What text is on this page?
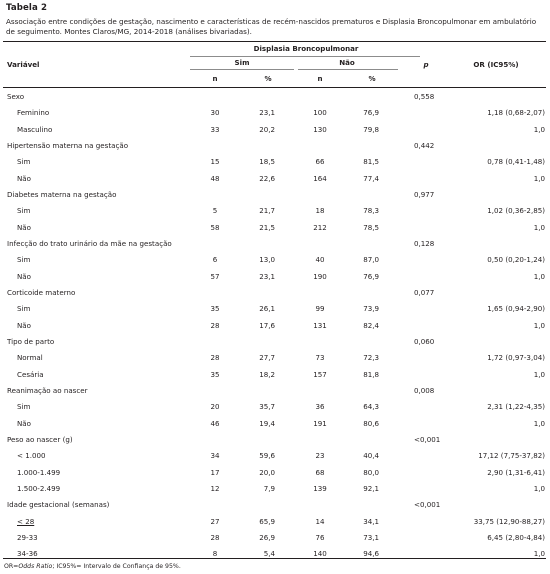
Tabela 2
Associação entre condições de gestação, nascimento e características de recém-nascidos prematuros e Displasia Broncopulmonar em ambulatório de seguimento. Montes Claros/MG, 2014-2018 (análises bivariadas).
Displasia Broncopulmonar
Variável	Sim	Não	p	OR (IC95%)
n	%	n	%
Sexo	0,558
Feminino	30	23,1	100	76,9	1,18 (0,68-2,07)
Masculino	33	20,2	130	79,8	1,0
Hipertensão materna na gestação	0,442
Sim	15	18,5	66	81,5	0,78 (0,41-1,48)
Não	48	22,6	164	77,4	1,0
Diabetes materna na gestação	0,977
Sim	5	21,7	18	78,3	1,02 (0,36-2,85)
Não	58	21,5	212	78,5	1,0
Infecção do trato urinário da mãe na gestação	0,128
Sim	6	13,0	40	87,0	0,50 (0,20-1,24)
Não	57	23,1	190	76,9	1,0
Corticoide materno	0,077
Sim	35	26,1	99	73,9	1,65 (0,94-2,90)
Não	28	17,6	131	82,4	1,0
Tipo de parto	0,060
Normal	28	27,7	73	72,3	1,72 (0,97-3,04)
Cesária	35	18,2	157	81,8	1,0
Reanimação ao nascer	0,008
Sim	20	35,7	36	64,3	2,31 (1,22-4,35)
Não	46	19,4	191	80,6	1,0
Peso ao nascer (g)	<0,001
< 1.000	34	59,6	23	40,4	17,12 (7,75-37,82)
1.000-1.499	17	20,0	68	80,0	2,90 (1,31-6,41)
1.500-2.499	12	7,9	139	92,1	1,0
Idade gestacional (semanas)	<0,001
< 28	27	65,9	14	34,1	33,75 (12,90-88,27)
29-33	28	26,9	76	73,1	6,45 (2,80-4,84)
34-36	8	5,4	140	94,6	1,0
OR=Odds Ratio; IC95%= Intervalo de Confiança de 95%.
